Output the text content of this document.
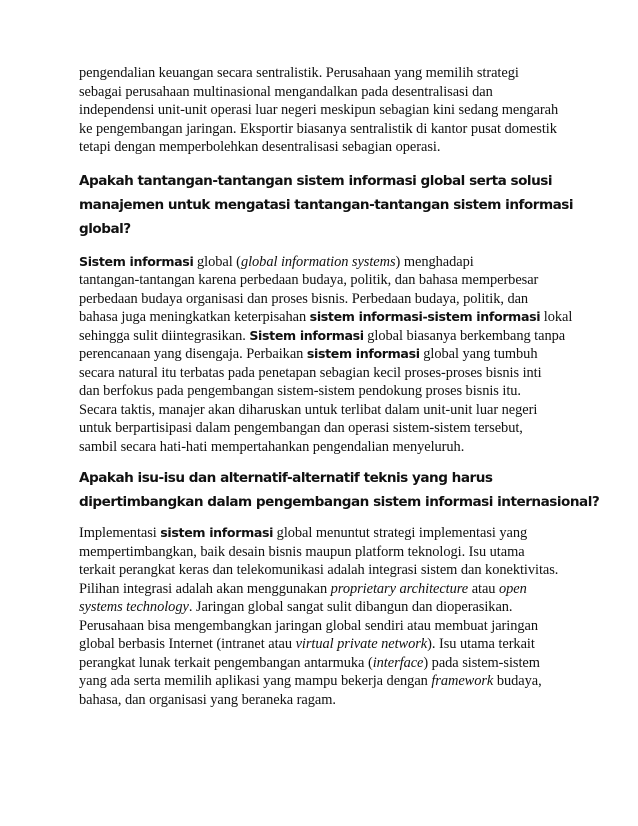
pengendalian keuangan secara sentralistik. Perusahaan yang memilih strategi
sebagai perusahaan multinasional mengandalkan pada desentralisasi dan
independensi unit-unit operasi luar negeri meskipun sebagian kini sedang mengarah
ke pengembangan jaringan. Eksportir biasanya sentralistik di kantor pusat domestik
tetapi dengan memperbolehkan desentralisasi sebagian operasi.

Apakah tantangan-tantangan sistem informasi global serta solusi
manajemen untuk mengatasi tantangan-tantangan sistem informasi
global?

Sistem informasi global (global information systems) menghadapi
tantangan-tantangan karena perbedaan budaya, politik, dan bahasa memperbesar
perbedaan budaya organisasi dan proses bisnis. Perbedaan budaya, politik, dan
bahasa juga meningkatkan keterpisahan sistem informasi-sistem informasi lokal
sehingga sulit diintegrasikan. Sistem informasi global biasanya berkembang tanpa
perencanaan yang disengaja. Perbaikan sistem informasi global yang tumbuh
secara natural itu terbatas pada penetapan sebagian kecil proses-proses bisnis inti
dan berfokus pada pengembangan sistem-sistem pendokung proses bisnis itu.
Secara taktis, manajer akan diharuskan untuk terlibat dalam unit-unit luar negeri
untuk berpartisipasi dalam pengembangan dan operasi sistem-sistem tersebut,
sambil secara hati-hati mempertahankan pengendalian menyeluruh.

Apakah isu-isu dan alternatif-alternatif teknis yang harus
dipertimbangkan dalam pengembangan sistem informasi internasional?

Implementasi sistem informasi global menuntut strategi implementasi yang
mempertimbangkan, baik desain bisnis maupun platform teknologi. Isu utama
terkait perangkat keras dan telekomunikasi adalah integrasi sistem dan konektivitas.
Pilihan integrasi adalah akan menggunakan proprietary architecture atau open
systems technology. Jaringan global sangat sulit dibangun dan dioperasikan.
Perusahaan bisa mengembangkan jaringan global sendiri atau membuat jaringan
global berbasis Internet (intranet atau virtual private network). Isu utama terkait
perangkat lunak terkait pengembangan antarmuka (interface) pada sistem-sistem
yang ada serta memilih aplikasi yang mampu bekerja dengan framework budaya,
bahasa, dan organisasi yang beraneka ragam.
